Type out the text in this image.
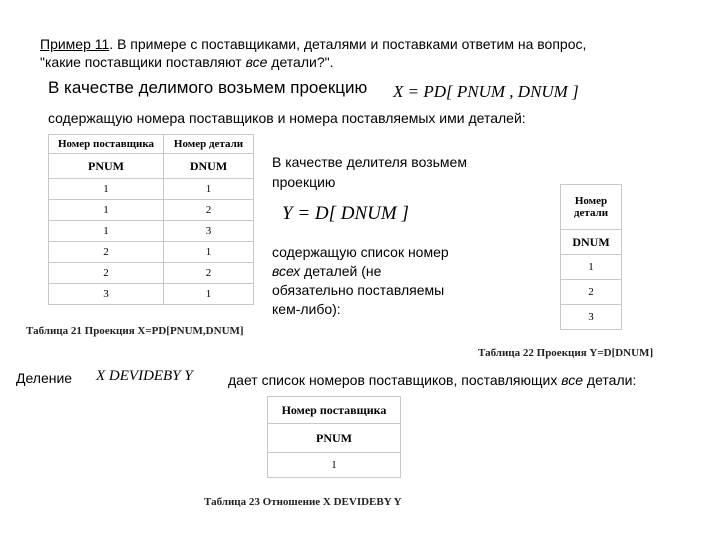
Пример 11. В примере с поставщиками, деталями и поставками ответим на вопрос,
"какие поставщики поставляют все детали?".
В качестве делимого возьмем проекцию X = PD[ PNUM , DNUM ]
содержащую номера поставщиков и номера поставляемых ими деталей:
Номер поставщика	Номер детали
PNUM	DNUM
1	1
1	2
1	3
2	1
2	2
3	1
Таблица 21 Проекция X=PD[PNUM,DNUM]
В качестве делителя возьмем
проекцию
Y = D[ DNUM ]
содержащую список номер
всех деталей (не
обязательно поставляемы
кем-либо):
Номер детали
DNUM
1
2
3
Таблица 22 Проекция Y=D[DNUM]
Деление X DEVIDEBY Y	дает список номеров поставщиков, поставляющих все детали:
Номер поставщика
PNUM
1
Таблица 23 Отношение X DEVIDEBY Y
